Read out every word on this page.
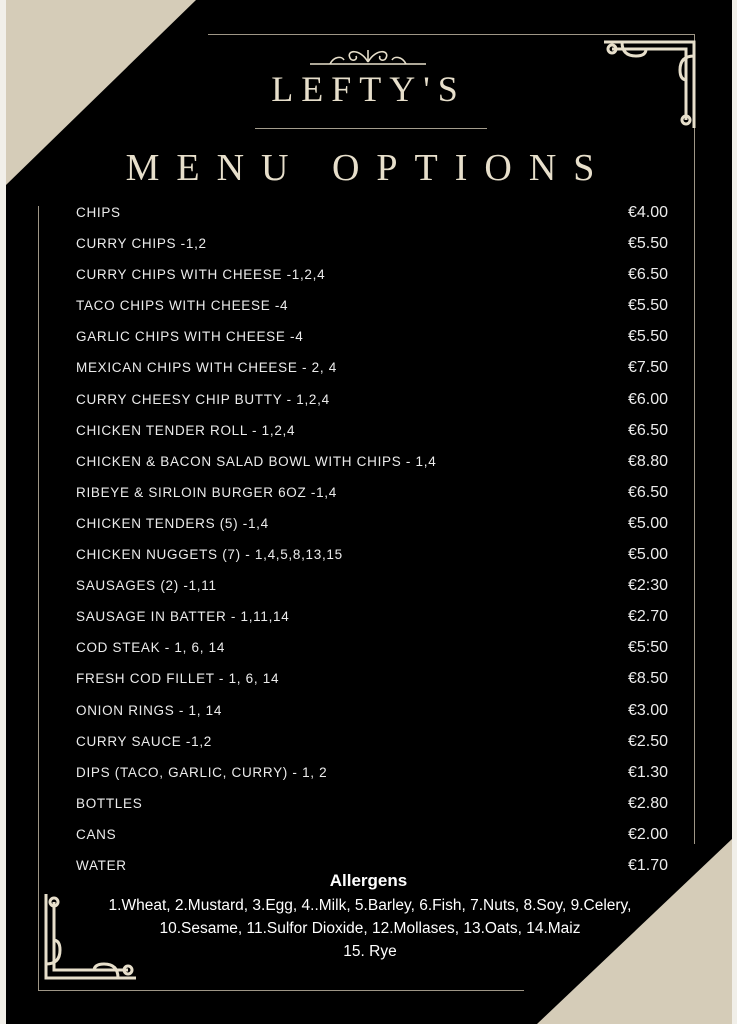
LEFTY'S
MENU OPTIONS
CHIPS	€4.00
CURRY CHIPS -1,2	€5.50
CURRY CHIPS WITH CHEESE -1,2,4	€6.50
TACO CHIPS WITH CHEESE -4	€5.50
GARLIC CHIPS WITH CHEESE -4	€5.50
MEXICAN CHIPS WITH CHEESE - 2, 4	€7.50
CURRY CHEESY CHIP BUTTY - 1,2,4	€6.00
CHICKEN TENDER ROLL - 1,2,4	€6.50
CHICKEN & BACON SALAD BOWL WITH CHIPS - 1,4	€8.80
RIBEYE & SIRLOIN BURGER 6OZ -1,4	€6.50
CHICKEN TENDERS (5) -1,4	€5.00
CHICKEN NUGGETS (7) - 1,4,5,8,13,15	€5.00
SAUSAGES (2) -1,11	€2:30
SAUSAGE IN BATTER - 1,11,14	€2.70
COD STEAK - 1, 6, 14	€5:50
FRESH COD FILLET - 1, 6, 14	€8.50
ONION RINGS - 1, 14	€3.00
CURRY SAUCE -1,2	€2.50
DIPS (TACO, GARLIC, CURRY) - 1, 2	€1.30
BOTTLES	€2.80
CANS	€2.00
WATER	€1.70
Allergens
1.Wheat, 2.Mustard, 3.Egg, 4..Milk, 5.Barley, 6.Fish, 7.Nuts, 8.Soy, 9.Celery,
10.Sesame, 11.Sulfor Dioxide, 12.Mollases, 13.Oats, 14.Maiz
15. Rye
